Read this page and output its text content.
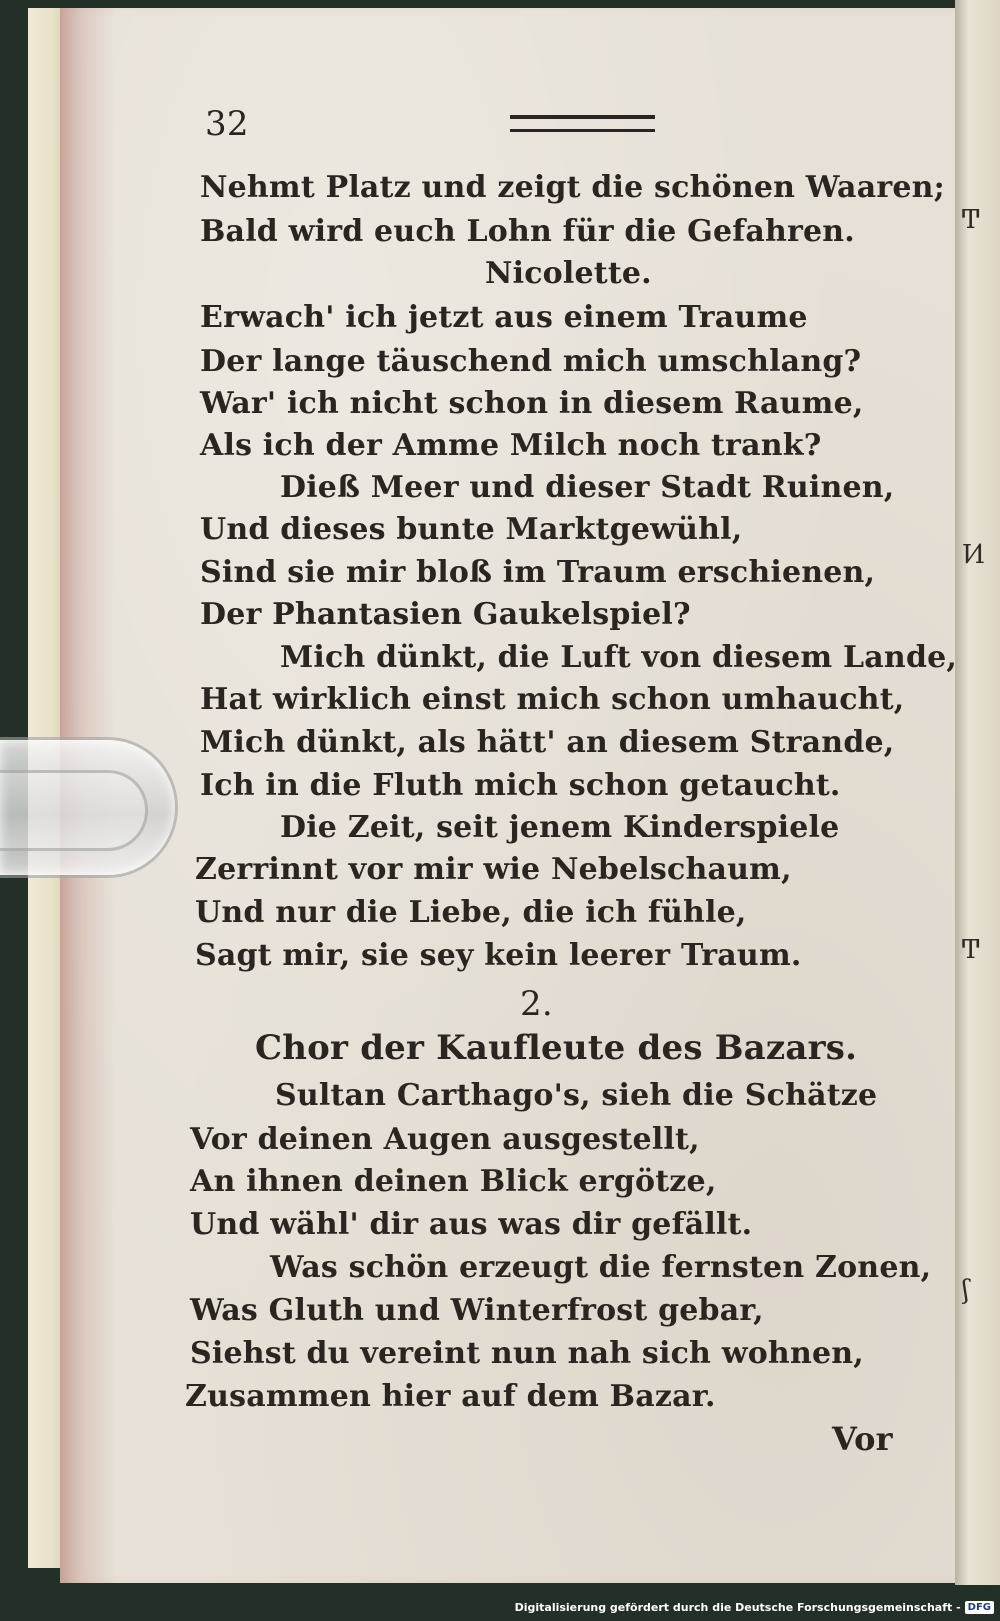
Ͳ
Ͷ
Ͳ
ʃ
32
Nehmt Platz und zeigt die schönen Waaren;
Bald wird euch Lohn für die Gefahren.
Nicolette.
Erwach' ich jetzt aus einem Traume
Der lange täuschend mich umschlang?
War' ich nicht schon in diesem Raume,
Als ich der Amme Milch noch trank?
Dieß Meer und dieser Stadt Ruinen,
Und dieses bunte Marktgewühl,
Sind sie mir bloß im Traum erschienen,
Der Phantasien Gaukelspiel?
Mich dünkt, die Luft von diesem Lande,
Hat wirklich einst mich schon umhaucht,
Mich dünkt, als hätt' an diesem Strande,
Ich in die Fluth mich schon getaucht.
Die Zeit, seit jenem Kinderspiele
Zerrinnt vor mir wie Nebelschaum,
Und nur die Liebe, die ich fühle,
Sagt mir, sie sey kein leerer Traum.
2.
Chor der Kaufleute des Bazars.
Sultan Carthago's, sieh die Schätze
Vor deinen Augen ausgestellt,
An ihnen deinen Blick ergötze,
Und wähl' dir aus was dir gefällt.
Was schön erzeugt die fernsten Zonen,
Was Gluth und Winterfrost gebar,
Siehst du vereint nun nah sich wohnen,
Zusammen hier auf dem Bazar.
Vor
Digitalisierung gefördert durch die Deutsche Forschungsgemeinschaft - DFG
